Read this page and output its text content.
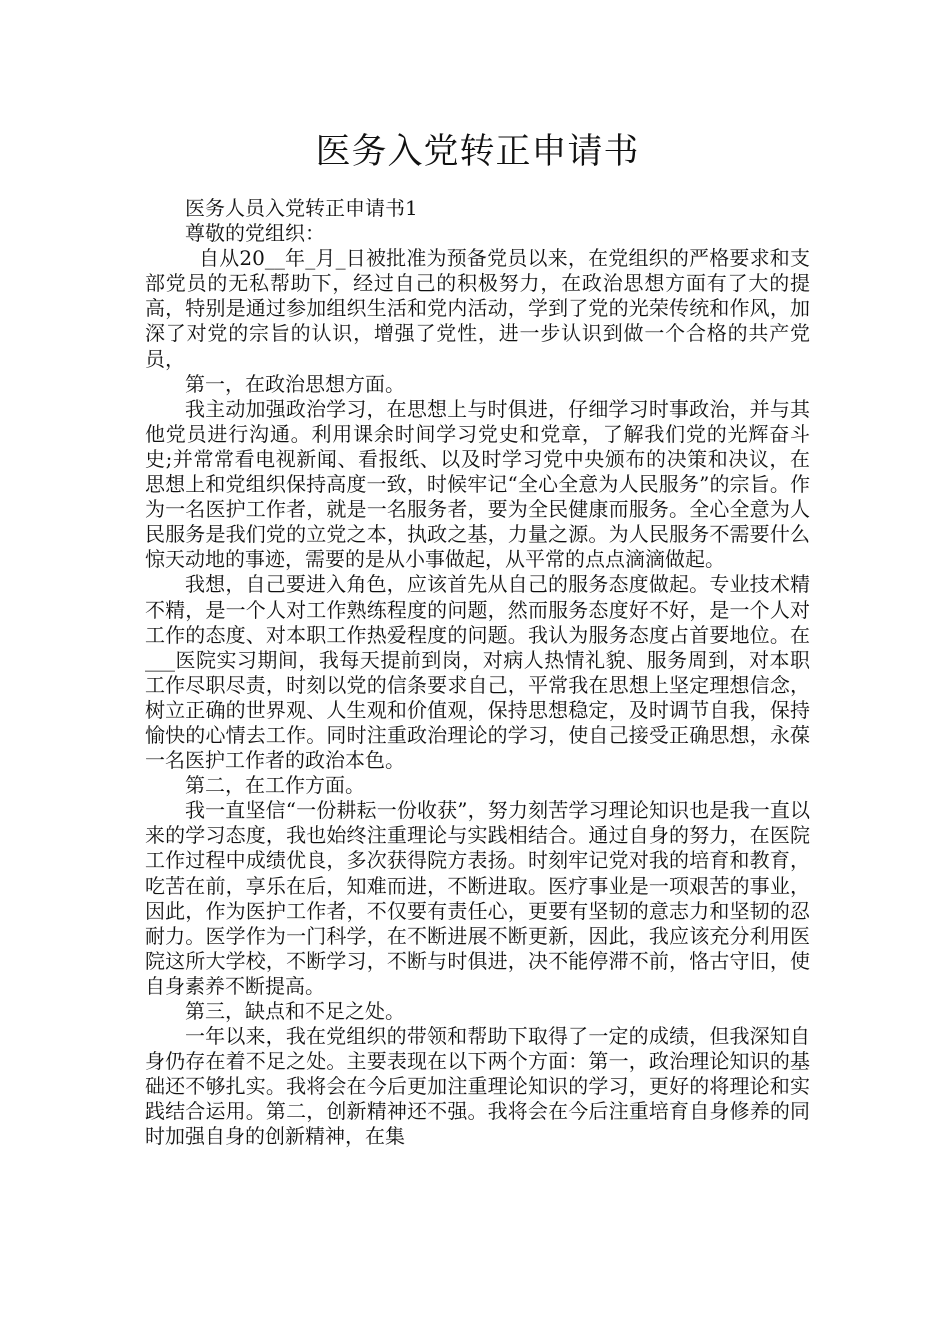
医务入党转正申请书

医务人员入党转正申请书1

尊敬的党组织：

自从20__年_月_日被批准为预备党员以来，在党组织的严格要求和支部党员的无私帮助下，经过自己的积极努力，在政治思想方面有了大的提高，特别是通过参加组织生活和党内活动，学到了党的光荣传统和作风，加深了对党的宗旨的认识，增强了党性，进一步认识到做一个合格的共产党员，

第一，在政治思想方面。

我主动加强政治学习，在思想上与时俱进，仔细学习时事政治，并与其他党员进行沟通。利用课余时间学习党史和党章，了解我们党的光辉奋斗史;并常常看电视新闻、看报纸、以及时学习党中央颁布的决策和决议，在思想上和党组织保持高度一致，时候牢记“全心全意为人民服务”的宗旨。作为一名医护工作者，就是一名服务者，要为全民健康而服务。全心全意为人民服务是我们党的立党之本，执政之基，力量之源。为人民服务不需要什么惊天动地的事迹，需要的是从小事做起，从平常的点点滴滴做起。

我想，自己要进入角色，应该首先从自己的服务态度做起。专业技术精不精，是一个人对工作熟练程度的问题，然而服务态度好不好，是一个人对工作的态度、对本职工作热爱程度的问题。我认为服务态度占首要地位。在___医院实习期间，我每天提前到岗，对病人热情礼貌、服务周到，对本职工作尽职尽责，时刻以党的信条要求自己，平常我在思想上坚定理想信念，树立正确的世界观、人生观和价值观，保持思想稳定，及时调节自我，保持愉快的心情去工作。同时注重政治理论的学习，使自己接受正确思想，永葆一名医护工作者的政治本色。

第二，在工作方面。

我一直坚信“一份耕耘一份收获”，努力刻苦学习理论知识也是我一直以来的学习态度，我也始终注重理论与实践相结合。通过自身的努力，在医院工作过程中成绩优良，多次获得院方表扬。时刻牢记党对我的培育和教育，吃苦在前，享乐在后，知难而进，不断进取。医疗事业是一项艰苦的事业，因此，作为医护工作者，不仅要有责任心，更要有坚韧的意志力和坚韧的忍耐力。医学作为一门科学，在不断进展不断更新，因此，我应该充分利用医院这所大学校，不断学习，不断与时俱进，决不能停滞不前，恪古守旧，使自身素养不断提高。

第三，缺点和不足之处。

一年以来，我在党组织的带领和帮助下取得了一定的成绩，但我深知自身仍存在着不足之处。主要表现在以下两个方面：第一，政治理论知识的基础还不够扎实。我将会在今后更加注重理论知识的学习，更好的将理论和实践结合运用。第二，创新精神还不强。我将会在今后注重培育自身修养的同时加强自身的创新精神，在集
